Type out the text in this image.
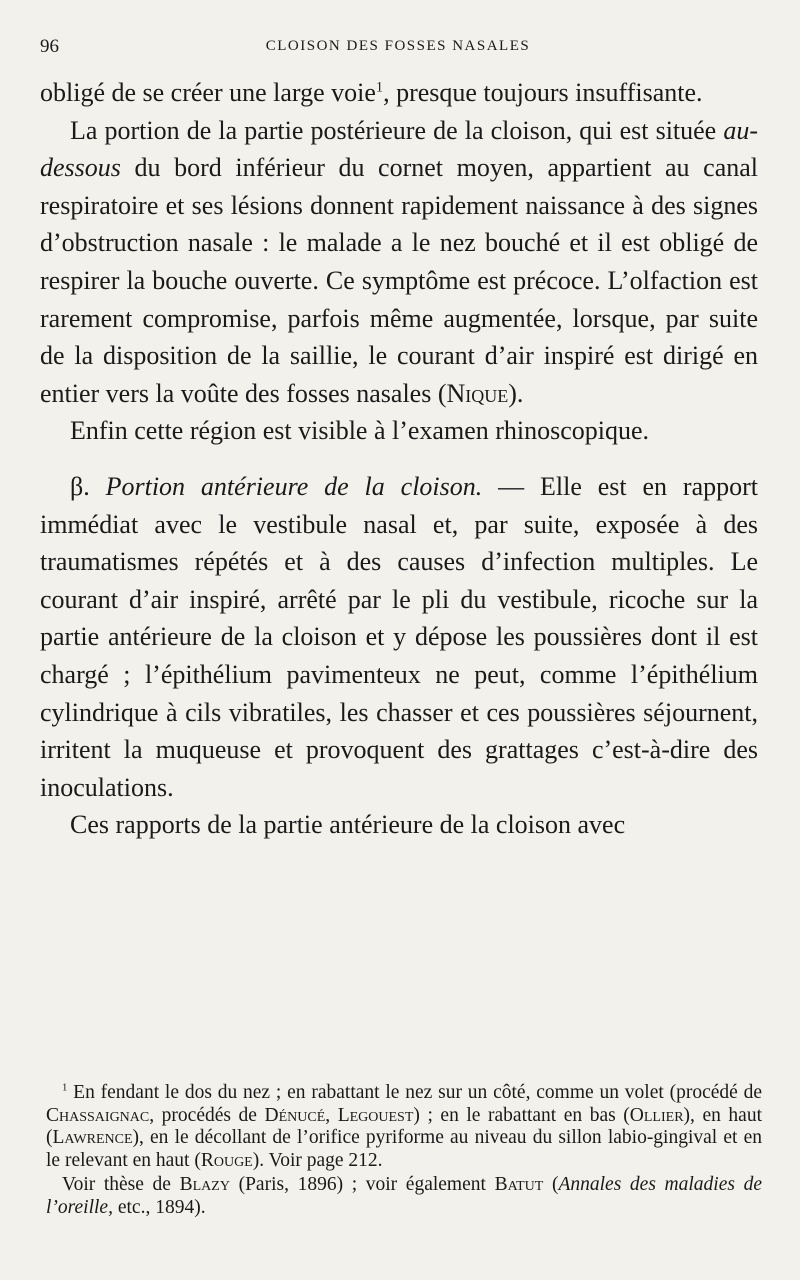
96	CLOISON DES FOSSES NASALES

obligé de se créer une large voie$^1$, presque toujours insuffisante.

La portion de la partie postérieure de la cloison, qui est située au-dessous du bord inférieur du cornet moyen, appartient au canal respiratoire et ses lésions donnent rapidement naissance à des signes d’obstruction nasale : le malade a le nez bouché et il est obligé de respirer la bouche ouverte. Ce symptôme est précoce. L’olfaction est rarement compromise, parfois même augmentée, lorsque, par suite de la disposition de la saillie, le courant d’air inspiré est dirigé en entier vers la voûte des fosses nasales (Nique).

Enfin cette région est visible à l’examen rhinoscopique.

β. Portion antérieure de la cloison. — Elle est en rapport immédiat avec le vestibule nasal et, par suite, exposée à des traumatismes répétés et à des causes d’infection multiples. Le courant d’air inspiré, arrêté par le pli du vestibule, ricoche sur la partie antérieure de la cloison et y dépose les poussières dont il est chargé ; l’épithélium pavimenteux ne peut, comme l’épithélium cylindrique à cils vibratiles, les chasser et ces poussières séjournent, irritent la muqueuse et provoquent des grattages c’est-à-dire des inoculations.

Ces rapports de la partie antérieure de la cloison avec

$^1$ En fendant le dos du nez ; en rabattant le nez sur un côté, comme un volet (procédé de Chassaignac, procédés de Dénucé, Legouest) ; en le rabattant en bas (Ollier), en haut (Lawrence), en le décollant de l’orifice pyriforme au niveau du sillon labio-gingival et en le relevant en haut (Rouge). Voir page 212.

Voir thèse de Blazy (Paris, 1896) ; voir également Batut (Annales des maladies de l’oreille, etc., 1894).
